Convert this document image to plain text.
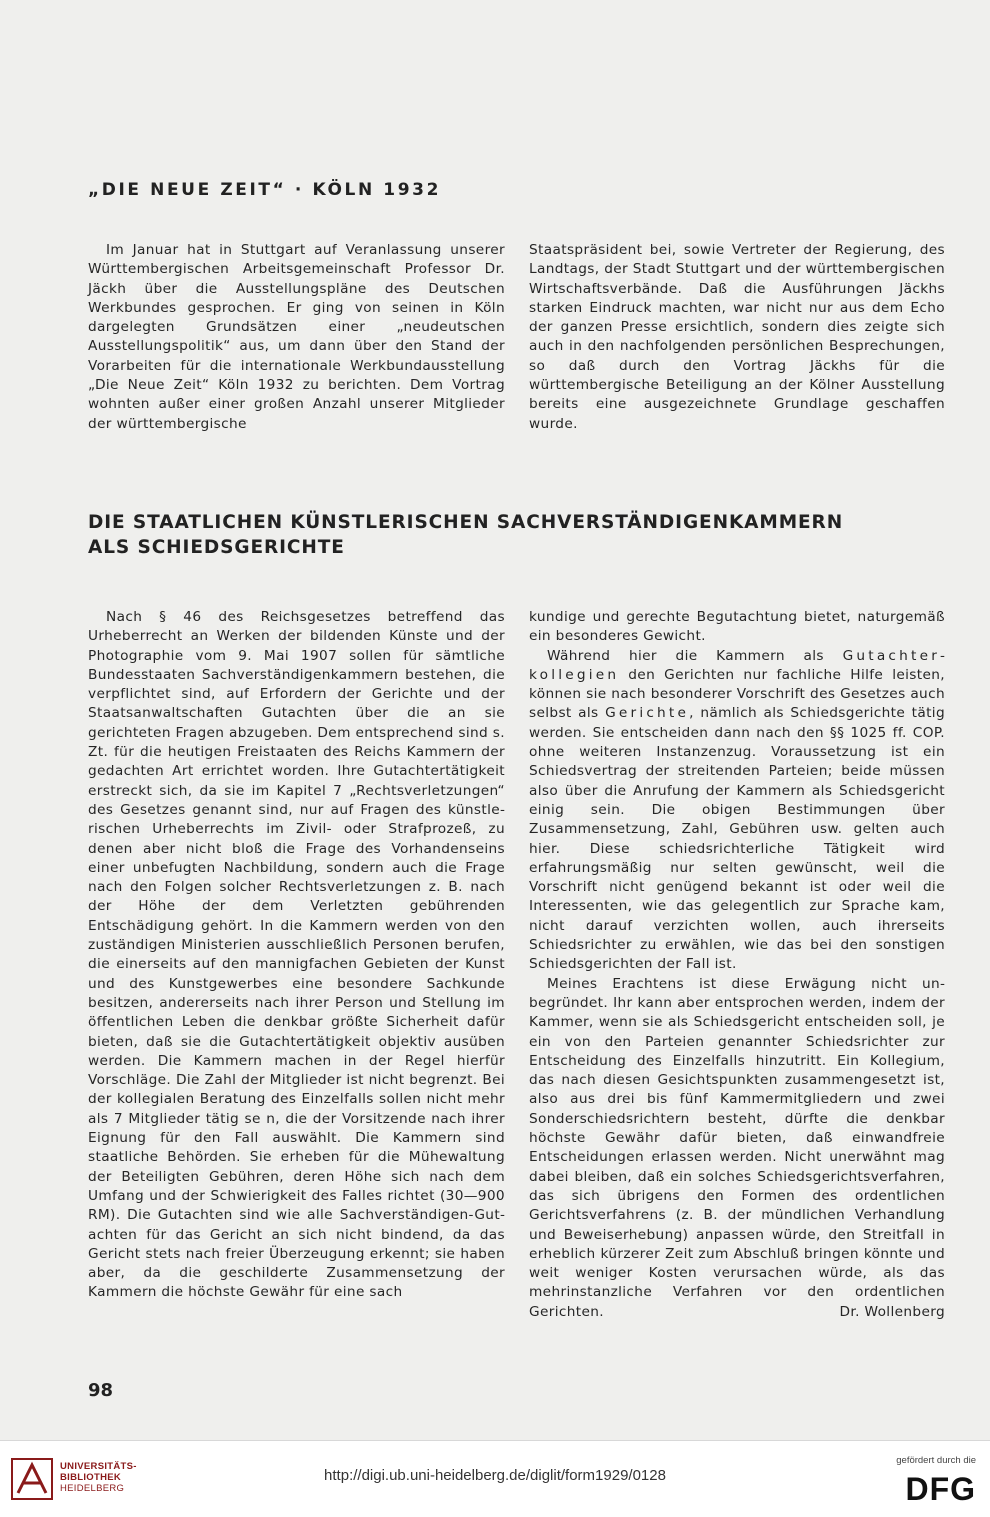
„DIE NEUE ZEIT“ · KÖLN 1932

Im Januar hat in Stuttgart auf Veranlassung unserer Württembergischen Arbeitsgemeinschaft Professor Dr. Jäckh über die Ausstellungspläne des Deutschen Werkbundes gesprochen. Er ging von seinen in Köln dargelegten Grundsätzen einer „neudeutschen Ausstellungspolitik“ aus, um dann über den Stand der Vorarbeiten für die internationale Werkbundausstellung „Die Neue Zeit“ Köln 1932 zu berichten. Dem Vortrag wohnten außer einer großen Anzahl unserer Mitglieder der württembergische

Staatspräsident bei, sowie Vertreter der Regierung, des Landtags, der Stadt Stuttgart und der württembergischen Wirtschaftsverbände. Daß die Ausführungen Jäckhs starken Eindruck machten, war nicht nur aus dem Echo der ganzen Presse ersichtlich, sondern dies zeigte sich auch in den nachfolgenden persönlichen Besprechungen, so daß durch den Vortrag Jäckhs für die württembergische Beteiligung an der Kölner Ausstellung bereits eine ausgezeichnete Grundlage geschaffen wurde.

DIE STAATLICHEN KÜNSTLERISCHEN SACHVERSTÄNDIGENKAMMERN
ALS SCHIEDSGERICHTE

Nach § 46 des Reichsgesetzes betreffend das Urheberrecht an Werken der bildenden Künste und der Photographie vom 9. Mai 1907 sollen für sämtliche Bundesstaaten Sachverständigenkammern bestehen, die verpflichtet sind, auf Erfordern der Gerichte und der Staatsanwaltschaften Gutachten über die an sie gerichteten Fragen abzugeben. Dem entsprechend sind s. Zt. für die heutigen Freistaaten des Reichs Kammern der gedachten Art errichtet worden. Ihre Gutachtertätigkeit erstreckt sich, da sie im Kapitel 7 „Rechtsverletzungen“ des Gesetzes genannt sind, nur auf Fragen des künstlerischen Urheberrechts im Zivil- oder Strafprozeß, zu denen aber nicht bloß die Frage des Vorhandenseins einer unbefugten Nachbildung, sondern auch die Frage nach den Folgen solcher Rechtsverletzungen z. B. nach der Höhe der dem Verletzten gebührenden Entschädigung gehört. In die Kammern werden von den zuständigen Ministerien ausschließlich Personen berufen, die einerseits auf den mannigfachen Gebieten der Kunst und des Kunstgewerbes eine besondere Sachkunde besitzen, andererseits nach ihrer Person und Stellung im öffentlichen Leben die denkbar größte Sicherheit dafür bieten, daß sie die Gutachtertätigkeit objektiv ausüben werden. Die Kammern machen in der Regel hierfür Vorschläge. Die Zahl der Mitglieder ist nicht begrenzt. Bei der kollegialen Beratung des Einzelfalls sollen nicht mehr als 7 Mitglieder tätig se n, die der Vorsitzende nach ihrer Eignung für den Fall auswählt. Die Kammern sind staatliche Behörden. Sie erheben für die Mühewaltung der Beteiligten Gebühren, deren Höhe sich nach dem Umfang und der Schwierigkeit des Falles richtet (30—900 RM). Die Gutachten sind wie alle Sachverständigen-Gutachten für das Gericht an sich nicht bindend, da das Gericht stets nach freier Überzeugung erkennt; sie haben aber, da die geschilderte Zusammensetzung der Kammern die höchste Gewähr für eine sach

kundige und gerechte Begutachtung bietet, naturgemäß ein besonderes Gewicht.

Während hier die Kammern als Gutachterkollegien den Gerichten nur fachliche Hilfe leisten, können sie nach besonderer Vorschrift des Gesetzes auch selbst als Gerichte, nämlich als Schiedsgerichte tätig werden. Sie entscheiden dann nach den §§ 1025 ff. COP. ohne weiteren Instanzenzug. Voraussetzung ist ein Schiedsvertrag der streitenden Parteien; beide müssen also über die Anrufung der Kammern als Schiedsgericht einig sein. Die obigen Bestimmungen über Zusammensetzung, Zahl, Gebühren usw. gelten auch hier. Diese schiedsrichterliche Tätigkeit wird erfahrungsmäßig nur selten gewünscht, weil die Vorschrift nicht genügend bekannt ist oder weil die Interessenten, wie das gelegentlich zur Sprache kam, nicht darauf verzichten wollen, auch ihrerseits Schiedsrichter zu erwählen, wie das bei den sonstigen Schiedsgerichten der Fall ist.

Meines Erachtens ist diese Erwägung nicht unbegründet. Ihr kann aber entsprochen werden, indem der Kammer, wenn sie als Schiedsgericht entscheiden soll, je ein von den Parteien genannter Schiedsrichter zur Entscheidung des Einzelfalls hinzutritt. Ein Kollegium, das nach diesen Gesichtspunkten zusammengesetzt ist, also aus drei bis fünf Kammermitgliedern und zwei Sonderschiedsrichtern besteht, dürfte die denkbar höchste Gewähr dafür bieten, daß einwandfreie Entscheidungen erlassen werden. Nicht unerwähnt mag dabei bleiben, daß ein solches Schiedsgerichtsverfahren, das sich übrigens den Formen des ordentlichen Gerichtsverfahrens (z. B. der mündlichen Verhandlung und Beweiserhebung) anpassen würde, den Streitfall in erheblich kürzerer Zeit zum Abschluß bringen könnte und weit weniger Kosten verursachen würde, als das mehrinstanzliche Verfahren vor den ordentlichen Gerichten.	Dr. Wollenberg

98
UNIVERSITÄTS-
BIBLIOTHEK
HEIDELBERG
http://digi.ub.uni-heidelberg.de/diglit/form1929/0128
gefördert durch die
DFG
